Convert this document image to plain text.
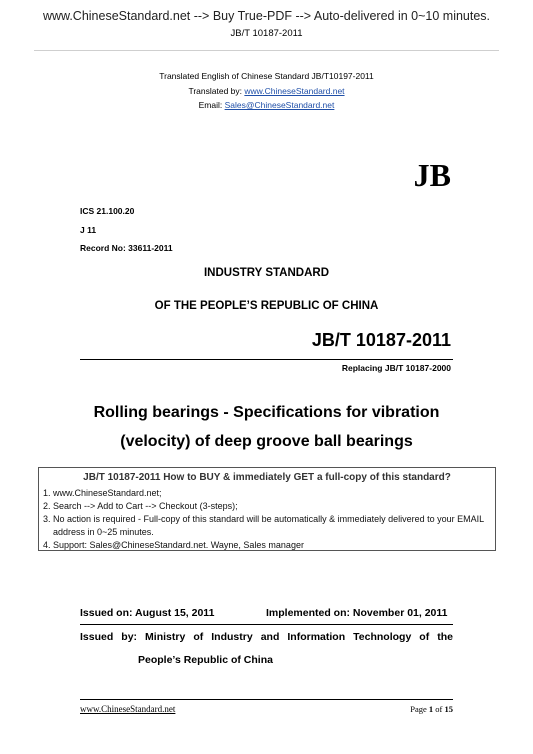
www.ChineseStandard.net --> Buy True-PDF --> Auto-delivered in 0~10 minutes.
JB/T 10187-2011
Translated English of Chinese Standard JB/T10197-2011
Translated by: www.ChineseStandard.net
Email: Sales@ChineseStandard.net
JB
ICS 21.100.20
J 11
Record No: 33611-2011
INDUSTRY STANDARD
OF THE PEOPLE’S REPUBLIC OF CHINA
JB/T 10187-2011
Replacing JB/T 10187-2000
Rolling bearings - Specifications for vibration
(velocity) of deep groove ball bearings
JB/T 10187-2011 How to BUY & immediately GET a full-copy of this standard?
1. www.ChineseStandard.net;
2. Search --> Add to Cart --> Checkout (3-steps);
3. No action is required - Full-copy of this standard will be automatically & immediately delivered to your EMAIL address in 0~25 minutes.
4. Support: Sales@ChineseStandard.net. Wayne, Sales manager
Issued on: August 15, 2011	Implemented on: November 01, 2011
Issued by: Ministry of Industry and Information Technology of the
People’s Republic of China
www.ChineseStandard.net	Page 1 of 15
